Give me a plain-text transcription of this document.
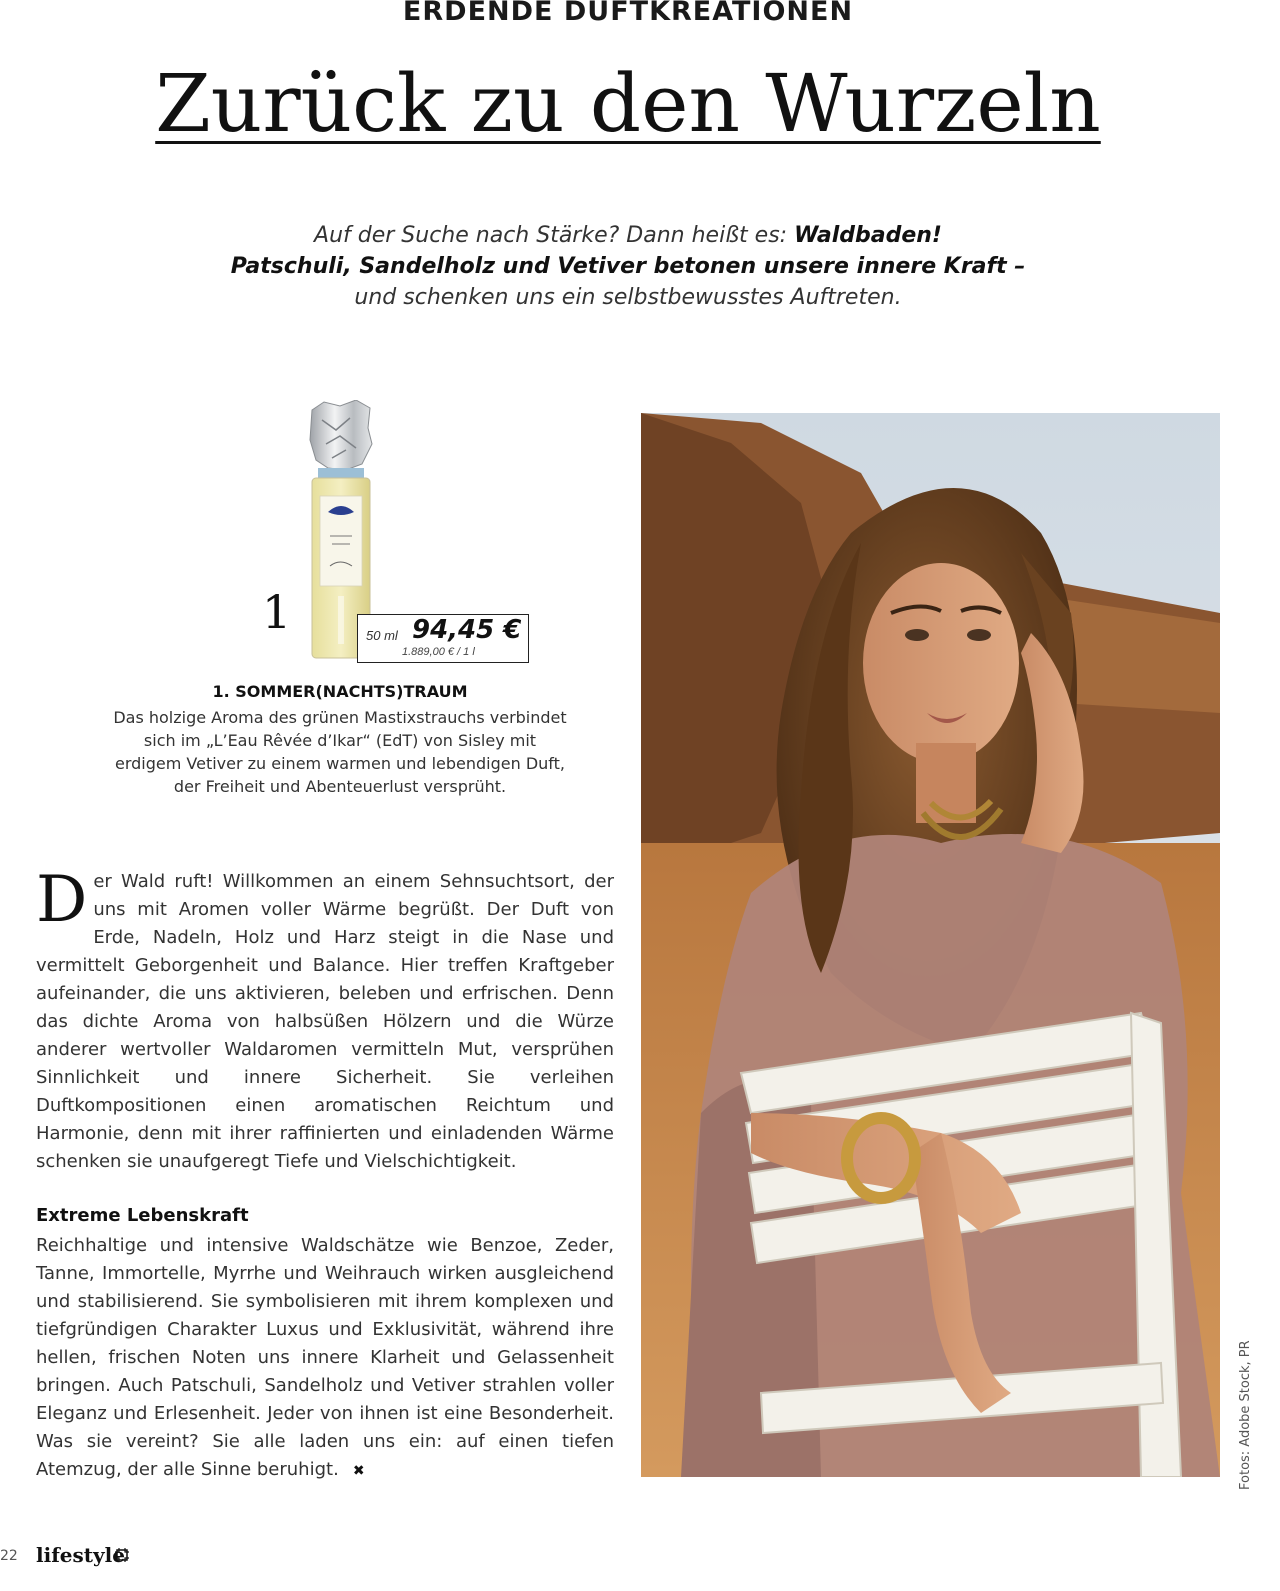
ERDENDE DUFTKREATIONEN
Zurück zu den Wurzeln
Auf der Suche nach Stärke? Dann heißt es: Waldbaden!
Patschuli, Sandelholz und Vetiver betonen unsere innere Kraft –
und schenken uns ein selbstbewusstes Auftreten.
1	50 ml 94,45 €
1.889,00 € / 1 l
1. SOMMER(NACHTS)TRAUM
Das holzige Aroma des grünen Mastixstrauchs verbindet sich im „L’Eau Rêvée d’Ikar“ (EdT) von Sisley mit erdigem Vetiver zu einem warmen und lebendigen Duft, der Freiheit und Abenteuerlust versprüht.
Der Wald ruft! Willkommen an einem Sehnsuchtsort, der uns mit Aromen voller Wärme begrüßt. Der Duft von Erde, Nadeln, Holz und Harz steigt in die Nase und vermittelt Geborgenheit und Balance. Hier treffen Kraftgeber aufeinander, die uns aktivieren, beleben und erfrischen. Denn das dichte Aroma von halbsüßen Hölzern und die Würze anderer wertvoller Waldaromen vermitteln Mut, versprühen Sinnlichkeit und innere Sicherheit. Sie verleihen Duftkompositionen einen aromatischen Reichtum und Harmonie, denn mit ihrer raffinierten und einladenden Wärme schenken sie unaufgeregt Tiefe und Vielschichtigkeit.
Extreme Lebenskraft
Reichhaltige und intensive Waldschätze wie Benzoe, Zeder, Tanne, Immortelle, Myrrhe und Weihrauch wirken ausgleichend und stabilisierend. Sie symbolisieren mit ihrem komplexen und tiefgründigen Charakter Luxus und Exklusivität, während ihre hellen, frischen Noten uns innere Klarheit und Gelassenheit bringen. Auch Patschuli, Sandelholz und Vetiver strahlen voller Eleganz und Erlesenheit. Jeder von ihnen ist eine Besonderheit. Was sie vereint? Sie alle laden uns ein: auf einen tiefen Atemzug, der alle Sinne beruhigt. ✖	Fotos: Adobe Stock, PR
22 lifestyle
